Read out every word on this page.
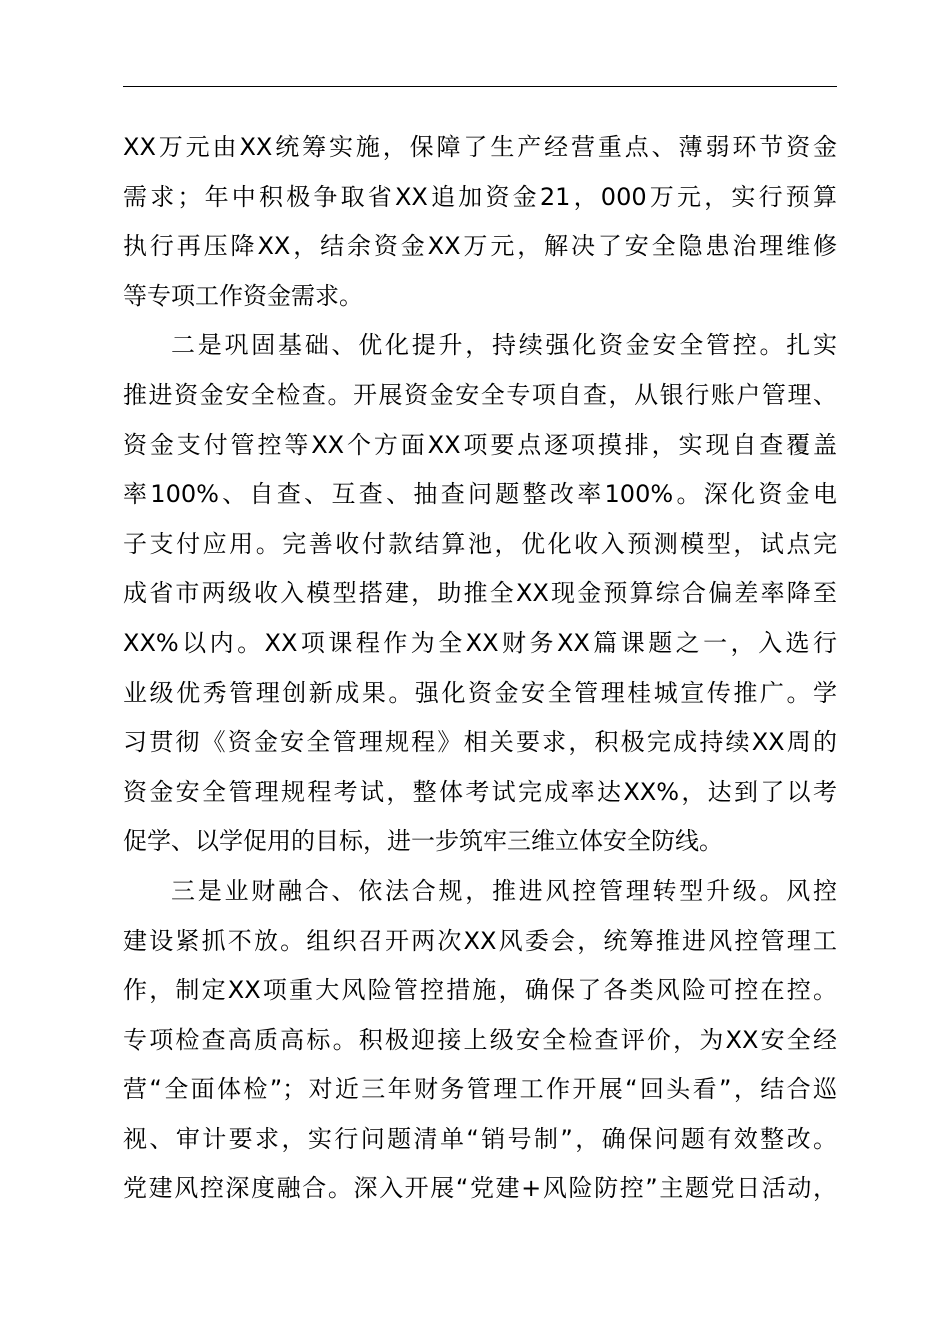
XX万元由XX统筹实施，保障了生产经营重点、薄弱环节资金
需求；年中积极争取省XX追加资金21，000万元，实行预算
执行再压降XX，结余资金XX万元，解决了安全隐患治理维修
等专项工作资金需求。
二是巩固基础、优化提升，持续强化资金安全管控。扎实
推进资金安全检查。开展资金安全专项自查，从银行账户管理、
资金支付管控等XX个方面XX项要点逐项摸排，实现自查覆盖
率100%、自查、互查、抽查问题整改率100%。深化资金电
子支付应用。完善收付款结算池，优化收入预测模型，试点完
成省市两级收入模型搭建，助推全XX现金预算综合偏差率降至
XX%以内。XX项课程作为全XX财务XX篇课题之一，入选行
业级优秀管理创新成果。强化资金安全管理桂城宣传推广。学
习贯彻《资金安全管理规程》相关要求，积极完成持续XX周的
资金安全管理规程考试，整体考试完成率达XX%，达到了以考
促学、以学促用的目标，进一步筑牢三维立体安全防线。
三是业财融合、依法合规，推进风控管理转型升级。风控
建设紧抓不放。组织召开两次XX风委会，统筹推进风控管理工
作，制定XX项重大风险管控措施，确保了各类风险可控在控。
专项检查高质高标。积极迎接上级安全检查评价，为XX安全经
营“全面体检”；对近三年财务管理工作开展“回头看”，结合巡
视、审计要求，实行问题清单“销号制”，确保问题有效整改。
党建风控深度融合。深入开展“党建+风险防控”主题党日活动，
